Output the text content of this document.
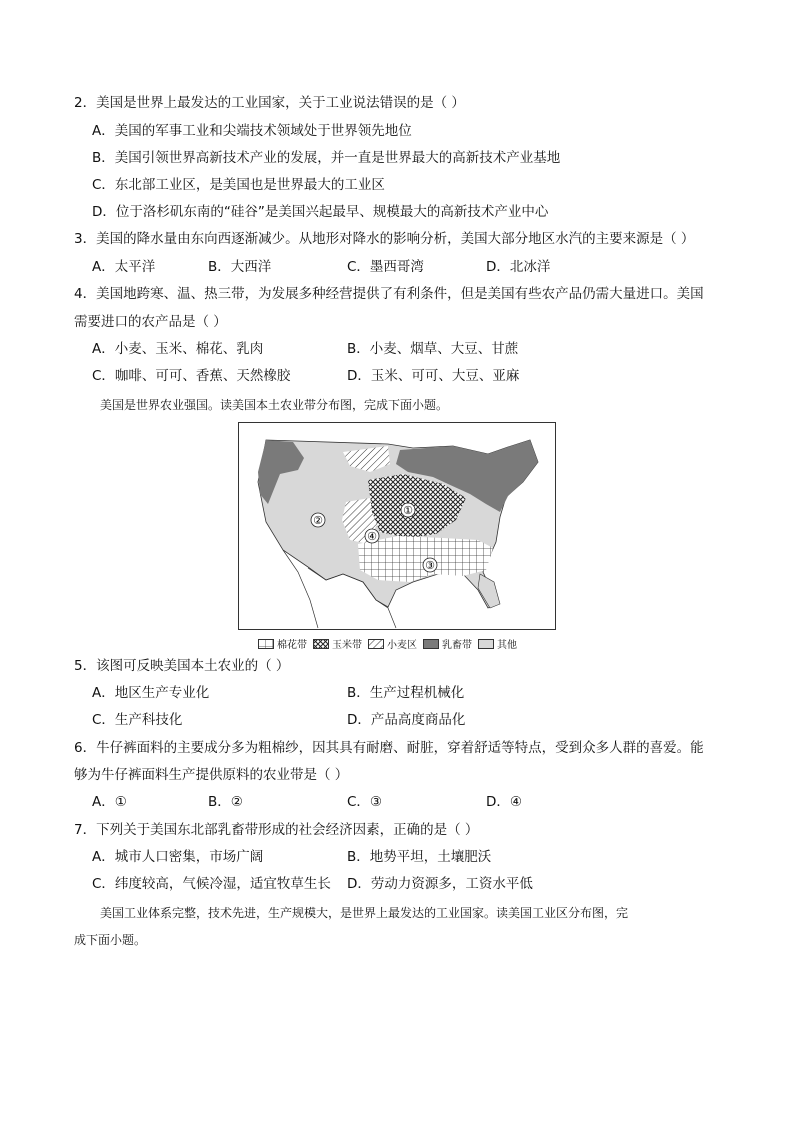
2．美国是世界上最发达的工业国家，关于工业说法错误的是（ ）
A．美国的军事工业和尖端技术领域处于世界领先地位
B．美国引领世界高新技术产业的发展，并一直是世界最大的高新技术产业基地
C．东北部工业区，是美国也是世界最大的工业区
D．位于洛杉矶东南的“硅谷”是美国兴起最早、规模最大的高新技术产业中心
3．美国的降水量由东向西逐渐减少。从地形对降水的影响分析，美国大部分地区水汽的主要来源是（ ）
A．太平洋	B．大西洋	C．墨西哥湾	D．北冰洋
4．美国地跨寒、温、热三带，为发展多种经营提供了有利条件，但是美国有些农产品仍需大量进口。美国
需要进口的农产品是（ ）
A．小麦、玉米、棉花、乳肉	B．小麦、烟草、大豆、甘蔗
C．咖啡、可可、香蕉、天然橡胶	D．玉米、可可、大豆、亚麻
美国是世界农业强国。读美国本土农业带分布图，完成下面小题。
①
②
③
④
棉花带	玉米带	小麦区	乳畜带	其他
5．该图可反映美国本土农业的（ ）
A．地区生产专业化	B．生产过程机械化
C．生产科技化	D．产品高度商品化
6．牛仔裤面料的主要成分多为粗棉纱，因其具有耐磨、耐脏，穿着舒适等特点，受到众多人群的喜爱。能
够为牛仔裤面料生产提供原料的农业带是（ ）
A．①	B．②	C．③	D．④
7．下列关于美国东北部乳畜带形成的社会经济因素，正确的是（ ）
A．城市人口密集，市场广阔	B．地势平坦，土壤肥沃
C．纬度较高，气候冷湿，适宜牧草生长 D．劳动力资源多，工资水平低
美国工业体系完整，技术先进，生产规模大，是世界上最发达的工业国家。读美国工业区分布图，完
成下面小题。
